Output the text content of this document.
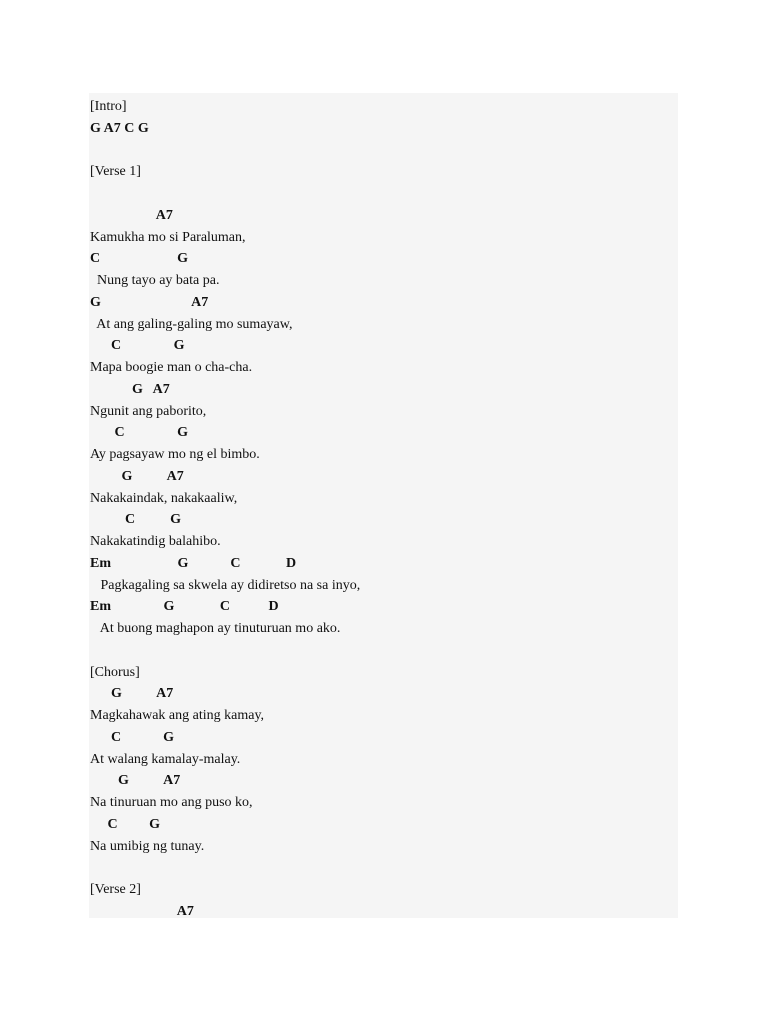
[Intro]
G A7 C G
[Verse 1]
A7
Kamukha mo si Paraluman,
C                      G
Nung tayo ay bata pa.
G                          A7
At ang galing-galing mo sumayaw,
C               G
Mapa boogie man o cha-cha.
G   A7
Ngunit ang paborito,
C               G
Ay pagsayaw mo ng el bimbo.
G          A7
Nakakaindak, nakakaaliw,
C          G
Nakakatindig balahibo.
Em                   G            C             D
Pagkagaling sa skwela ay didiretso na sa inyo,
Em               G             C           D
At buong maghapon ay tinuturuan mo ako.
[Chorus]
G          A7
Magkahawak ang ating kamay,
C            G
At walang kamalay-malay.
G          A7
Na tinuruan mo ang puso ko,
C         G
Na umibig ng tunay.
[Verse 2]
A7
